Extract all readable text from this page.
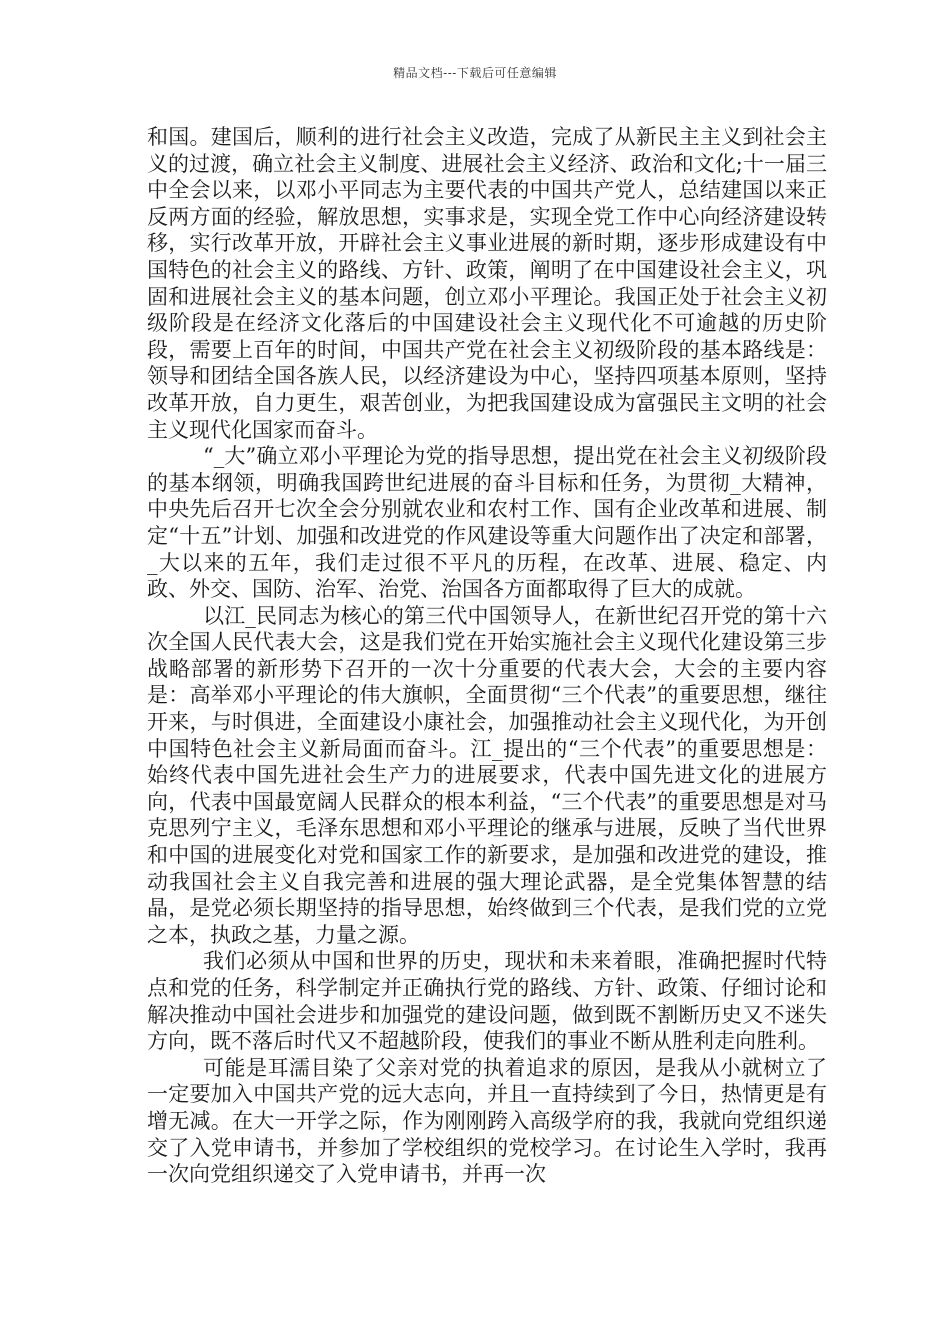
精品文档---下载后可任意编辑

和国。建国后，顺利的进行社会主义改造，完成了从新民主主义到社会主义的过渡，确立社会主义制度、进展社会主义经济、政治和文化;十一届三中全会以来，以邓小平同志为主要代表的中国共产党人，总结建国以来正反两方面的经验，解放思想，实事求是，实现全党工作中心向经济建设转移，实行改革开放，开辟社会主义事业进展的新时期，逐步形成建设有中国特色的社会主义的路线、方针、政策，阐明了在中国建设社会主义，巩固和进展社会主义的基本问题，创立邓小平理论。我国正处于社会主义初级阶段是在经济文化落后的中国建设社会主义现代化不可逾越的历史阶段，需要上百年的时间，中国共产党在社会主义初级阶段的基本路线是：领导和团结全国各族人民，以经济建设为中心，坚持四项基本原则，坚持改革开放，自力更生，艰苦创业，为把我国建设成为富强民主文明的社会主义现代化国家而奋斗。

“_大”确立邓小平理论为党的指导思想，提出党在社会主义初级阶段的基本纲领，明确我国跨世纪进展的奋斗目标和任务，为贯彻_大精神，中央先后召开七次全会分别就农业和农村工作、国有企业改革和进展、制定“十五”计划、加强和改进党的作风建设等重大问题作出了决定和部署，_大以来的五年，我们走过很不平凡的历程，在改革、进展、稳定、内政、外交、国防、治军、治党、治国各方面都取得了巨大的成就。

以江_民同志为核心的第三代中国领导人，在新世纪召开党的第十六次全国人民代表大会，这是我们党在开始实施社会主义现代化建设第三步战略部署的新形势下召开的一次十分重要的代表大会，大会的主要内容是：高举邓小平理论的伟大旗帜，全面贯彻“三个代表”的重要思想，继往开来，与时俱进，全面建设小康社会，加强推动社会主义现代化，为开创中国特色社会主义新局面而奋斗。江_提出的“三个代表”的重要思想是：始终代表中国先进社会生产力的进展要求，代表中国先进文化的进展方向，代表中国最宽阔人民群众的根本利益，“三个代表”的重要思想是对马克思列宁主义，毛泽东思想和邓小平理论的继承与进展，反映了当代世界和中国的进展变化对党和国家工作的新要求，是加强和改进党的建设，推动我国社会主义自我完善和进展的强大理论武器，是全党集体智慧的结晶，是党必须长期坚持的指导思想，始终做到三个代表，是我们党的立党之本，执政之基，力量之源。

我们必须从中国和世界的历史，现状和未来着眼，准确把握时代特点和党的任务，科学制定并正确执行党的路线、方针、政策、仔细讨论和解决推动中国社会进步和加强党的建设问题，做到既不割断历史又不迷失方向，既不落后时代又不超越阶段，使我们的事业不断从胜利走向胜利。

可能是耳濡目染了父亲对党的执着追求的原因，是我从小就树立了一定要加入中国共产党的远大志向，并且一直持续到了今日，热情更是有增无减。在大一开学之际，作为刚刚跨入高级学府的我，我就向党组织递交了入党申请书，并参加了学校组织的党校学习。在讨论生入学时，我再一次向党组织递交了入党申请书，并再一次
